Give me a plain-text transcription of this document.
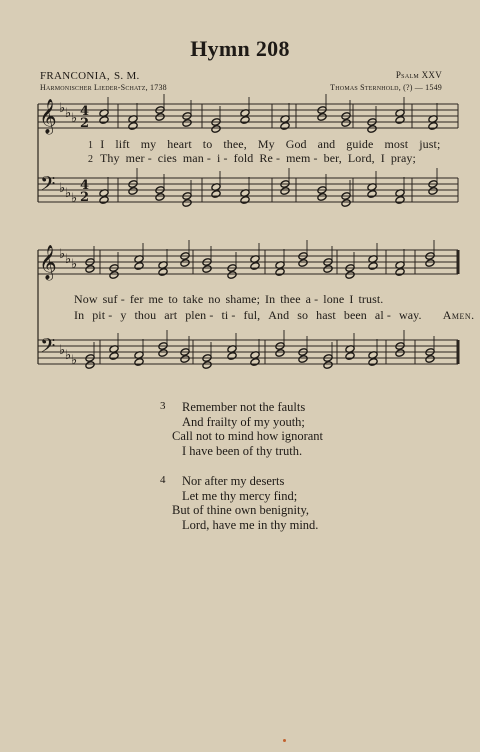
Hymn 208
FRANCONIA, S. M.	Psalm XXV
Harmonischer Lieder-Schatz, 1738	Thomas Sternhold, (?) — 1549
𝄞
𝄢
♭
♭
♭
♭
♭
♭
4
2
4
2
1 I lift my heart to thee, My God and guide most just;
2 Thy mer - cies man - i - fold Re - mem - ber, Lord, I pray;
𝄞
𝄢
♭
♭
♭
♭
♭
♭
Now suf - fer me to take no shame; In thee a - lone I trust.
In pit - y thou art plen - ti - ful, And so hast been al - way. Amen.
3 Remember not the faults
And frailty of my youth;
Call not to mind how ignorant
I have been of thy truth.
4 Nor after my deserts
Let me thy mercy find;
But of thine own benignity,
Lord, have me in thy mind.
